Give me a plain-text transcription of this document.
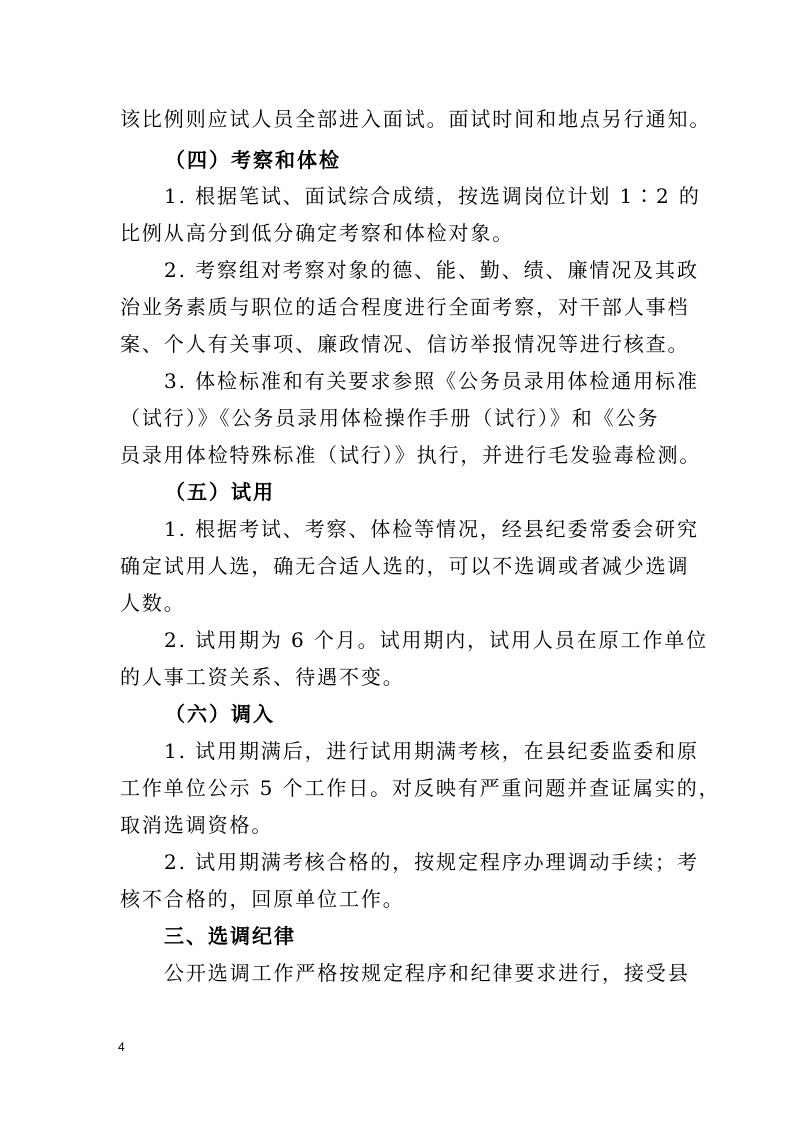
该比例则应试人员全部进入面试。面试时间和地点另行通知。
（四）考察和体检
1. 根据笔试、面试综合成绩，按选调岗位计划 1∶2 的
比例从高分到低分确定考察和体检对象。
2. 考察组对考察对象的德、能、勤、绩、廉情况及其政
治业务素质与职位的适合程度进行全面考察，对干部人事档
案、个人有关事项、廉政情况、信访举报情况等进行核查。
3. 体检标准和有关要求参照《公务员录用体检通用标准
（试行）》《公务员录用体检操作手册（试行）》和《公务
员录用体检特殊标准（试行）》执行，并进行毛发验毒检测。
（五）试用
1. 根据考试、考察、体检等情况，经县纪委常委会研究
确定试用人选，确无合适人选的，可以不选调或者减少选调
人数。
2. 试用期为 6 个月。试用期内，试用人员在原工作单位
的人事工资关系、待遇不变。
（六）调入
1. 试用期满后，进行试用期满考核，在县纪委监委和原
工作单位公示 5 个工作日。对反映有严重问题并查证属实的，
取消选调资格。
2. 试用期满考核合格的，按规定程序办理调动手续；考
核不合格的，回原单位工作。
三、选调纪律
公开选调工作严格按规定程序和纪律要求进行，接受县
4
